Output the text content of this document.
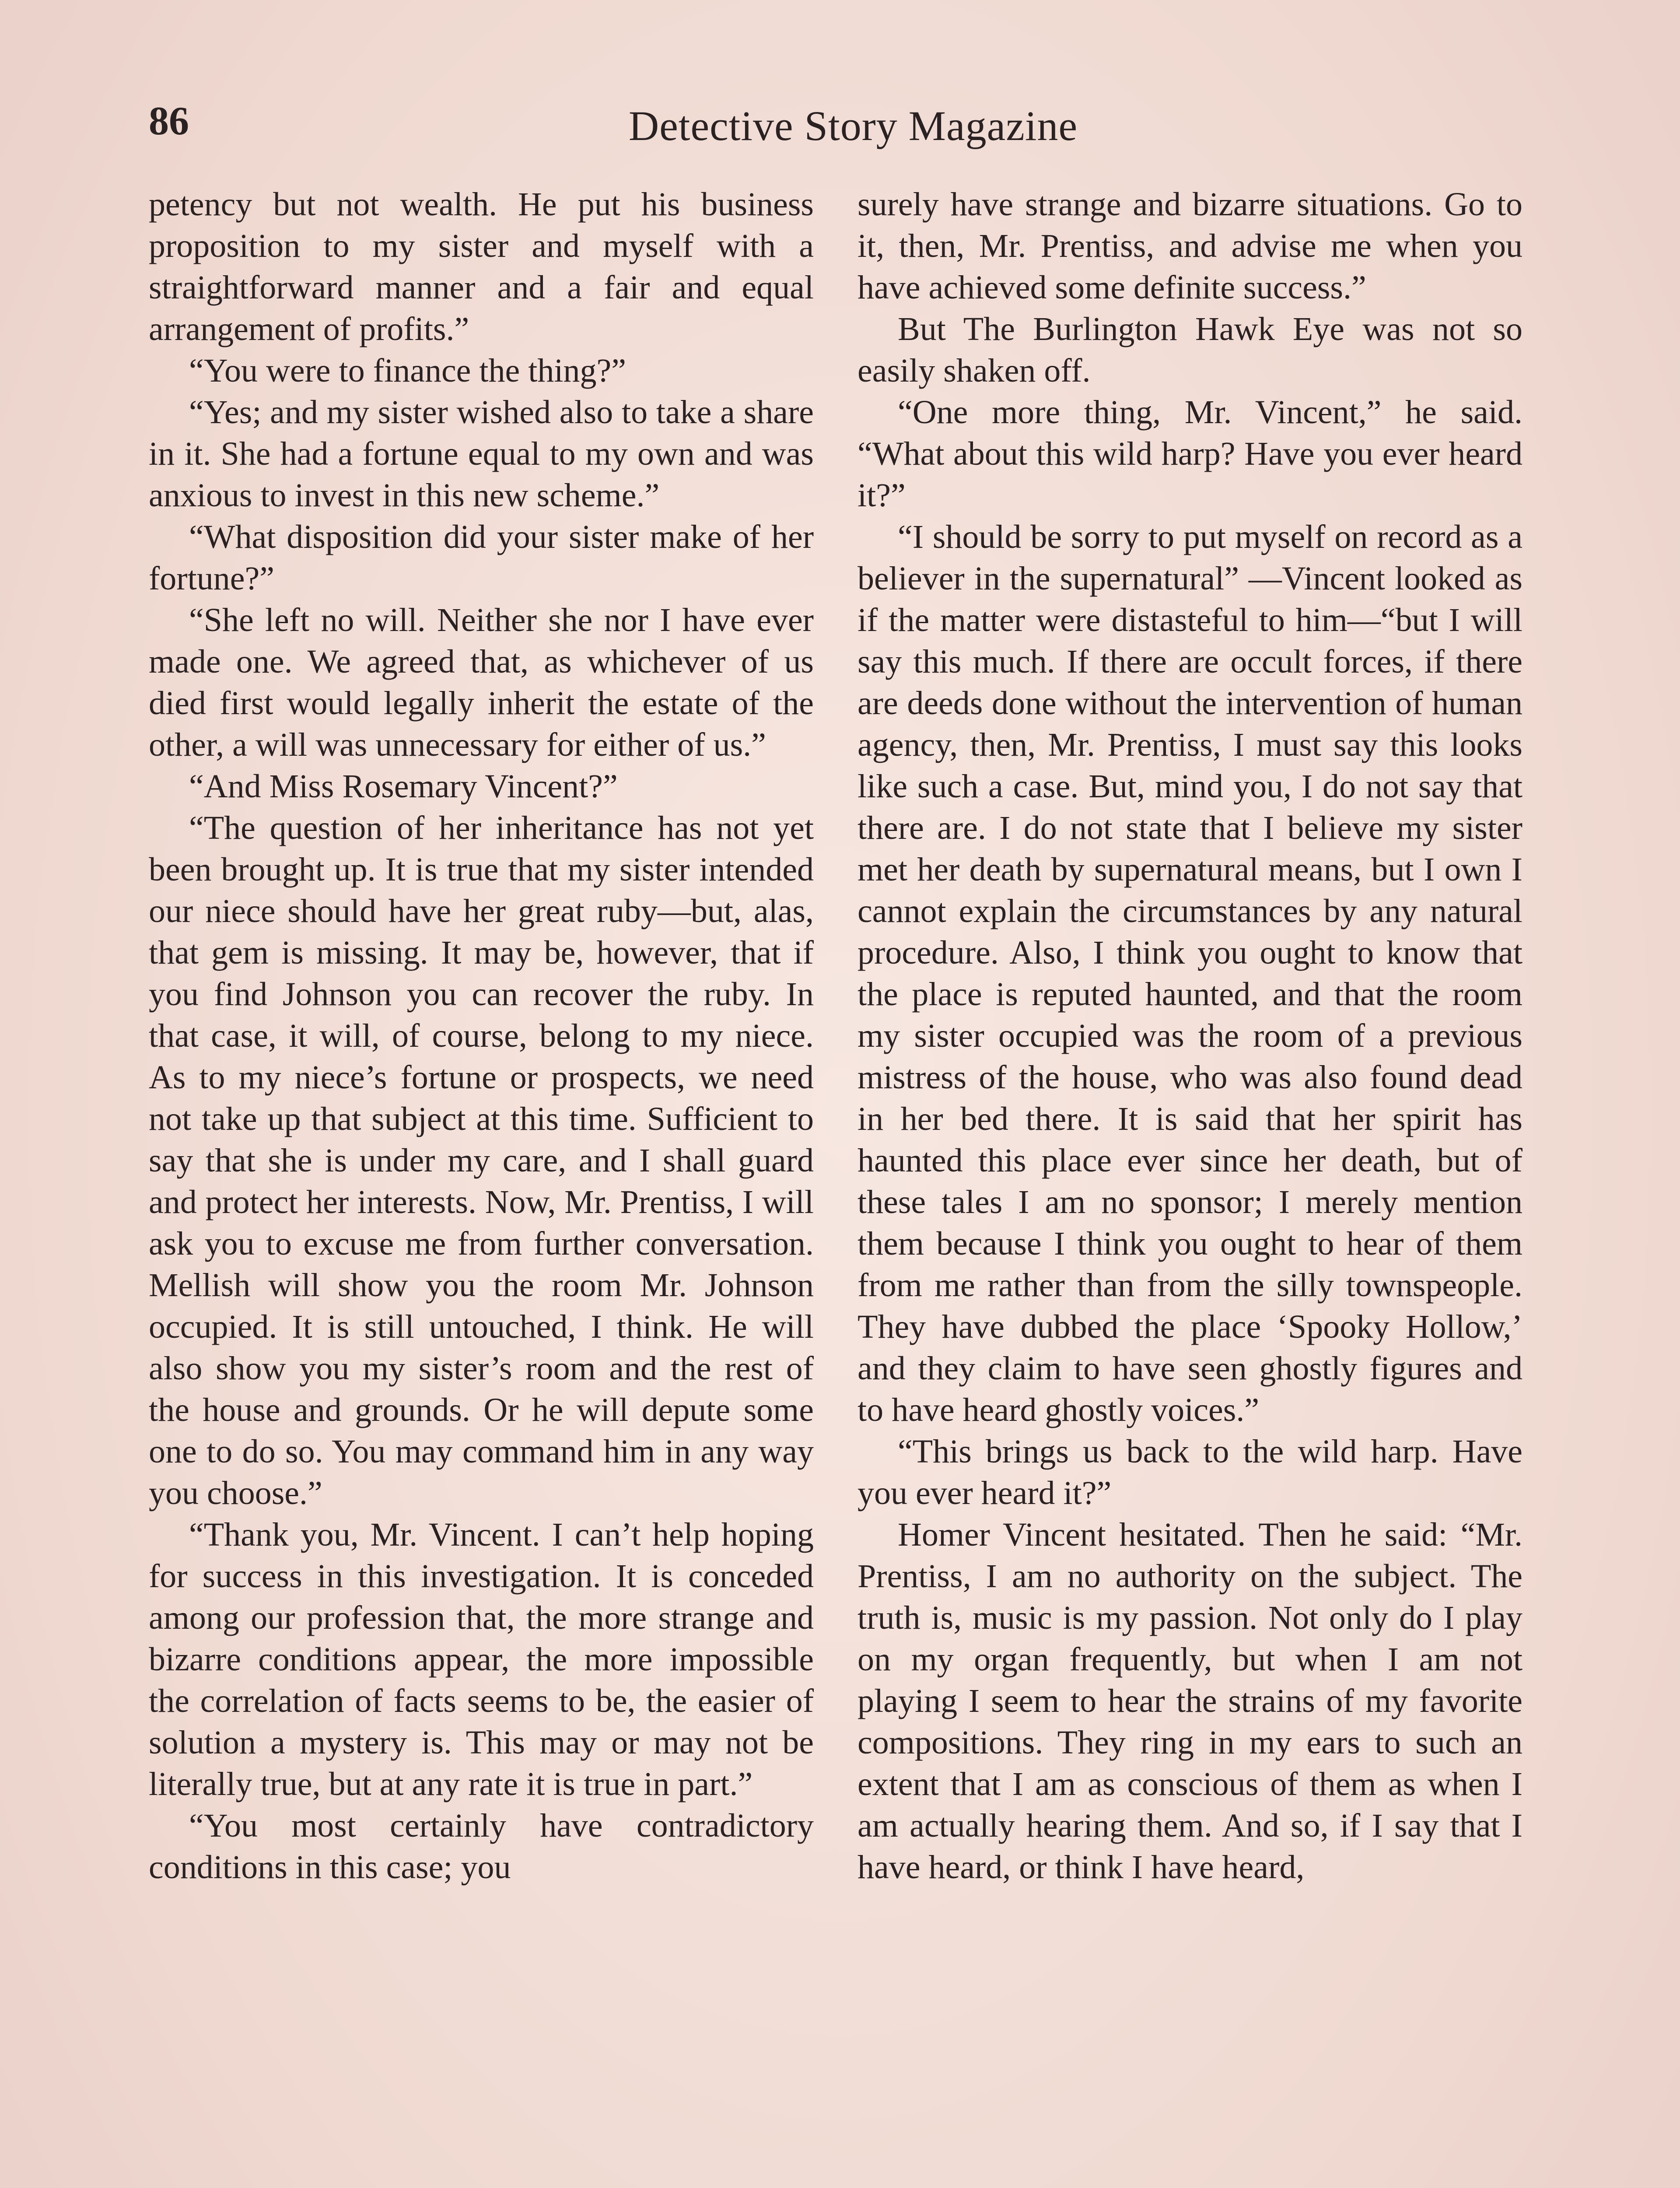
86	Detective Story Magazine

petency but not wealth. He put his business proposition to my sister and myself with a straightforward manner and a fair and equal arrangement of profits.”

“You were to finance the thing?”

“Yes; and my sister wished also to take a share in it. She had a fortune equal to my own and was anxious to invest in this new scheme.”

“What disposition did your sister make of her fortune?”

“She left no will. Neither she nor I have ever made one. We agreed that, as whichever of us died first would legally inherit the estate of the other, a will was unnecessary for either of us.”

“And Miss Rosemary Vincent?”

“The question of her inheritance has not yet been brought up. It is true that my sister intended our niece should have her great ruby—but, alas, that gem is missing. It may be, however, that if you find Johnson you can recover the ruby. In that case, it will, of course, belong to my niece. As to my niece’s fortune or prospects, we need not take up that subject at this time. Sufficient to say that she is under my care, and I shall guard and protect her interests. Now, Mr. Prentiss, I will ask you to excuse me from further conversation. Mellish will show you the room Mr. Johnson occupied. It is still untouched, I think. He will also show you my sister’s room and the rest of the house and grounds. Or he will depute some one to do so. You may command him in any way you choose.”

“Thank you, Mr. Vincent. I can’t help hoping for success in this investigation. It is conceded among our profession that, the more strange and bizarre conditions appear, the more impossible the correlation of facts seems to be, the easier of solution a mystery is. This may or may not be literally true, but at any rate it is true in part.”

“You most certainly have contradictory conditions in this case; you

surely have strange and bizarre situations. Go to it, then, Mr. Prentiss, and advise me when you have achieved some definite success.”

But The Burlington Hawk Eye was not so easily shaken off.

“One more thing, Mr. Vincent,” he said. “What about this wild harp? Have you ever heard it?”

“I should be sorry to put myself on record as a believer in the supernatural” —Vincent looked as if the matter were distasteful to him—“but I will say this much. If there are occult forces, if there are deeds done without the intervention of human agency, then, Mr. Prentiss, I must say this looks like such a case. But, mind you, I do not say that there are. I do not state that I believe my sister met her death by supernatural means, but I own I cannot explain the circumstances by any natural procedure. Also, I think you ought to know that the place is reputed haunted, and that the room my sister occupied was the room of a previous mistress of the house, who was also found dead in her bed there. It is said that her spirit has haunted this place ever since her death, but of these tales I am no sponsor; I merely mention them because I think you ought to hear of them from me rather than from the silly townspeople. They have dubbed the place ‘Spooky Hollow,’ and they claim to have seen ghostly figures and to have heard ghostly voices.”

“This brings us back to the wild harp. Have you ever heard it?”

Homer Vincent hesitated. Then he said: “Mr. Prentiss, I am no authority on the subject. The truth is, music is my passion. Not only do I play on my organ frequently, but when I am not playing I seem to hear the strains of my favorite compositions. They ring in my ears to such an extent that I am as conscious of them as when I am actually hearing them. And so, if I say that I have heard, or think I have heard,
